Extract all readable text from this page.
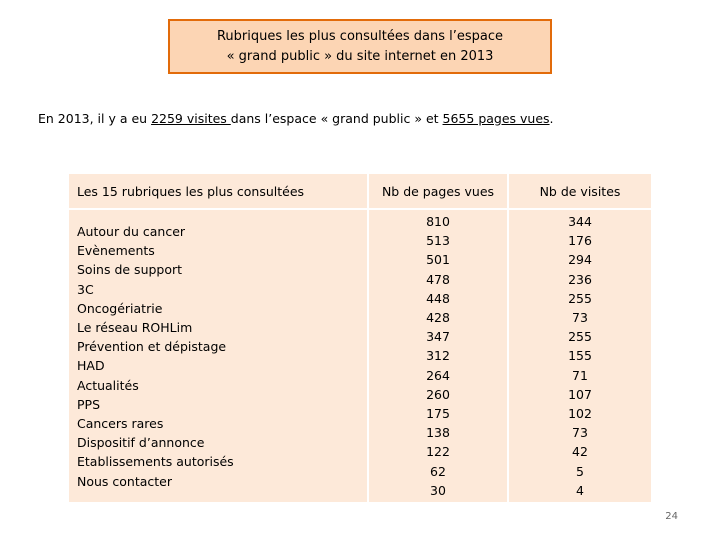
Rubriques les plus consultées dans l’espace
« grand public » du site internet en 2013
En 2013, il y a eu 2259 visites dans l’espace « grand public » et 5655 pages vues.
Les 15 rubriques les plus consultées	Nb de pages vues	Nb de visites
Autour du cancer
Evènements
Soins de support
3C
Oncogériatrie
Le réseau ROHLim
Prévention et dépistage
HAD
Actualités
PPS
Cancers rares
Dispositif d’annonce
Etablissements autorisés
Nous contacter
810
513
501
478
448
428
347
312
264
260
175
138
122
62
30
344
176
294
236
255
73
255
155
71
107
102
73
42
5
4
24
